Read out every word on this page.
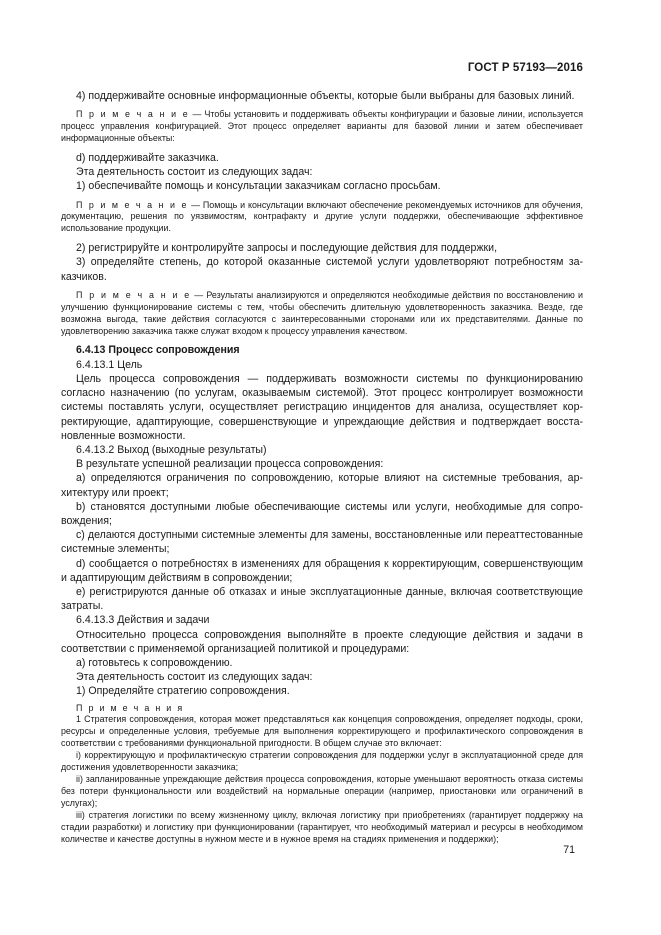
ГОСТ Р 57193—2016

4) поддерживайте основные информационные объекты, которые были выбраны для базовых линий.

П р и м е ч а н и е — Чтобы установить и поддерживать объекты конфигурации и базовые линии, используется процесс управления конфигурацией. Этот процесс определяет варианты для базовой линии и затем обеспечивает информационные объекты:

d) поддерживайте заказчика.

Эта деятельность состоит из следующих задач:

1) обеспечивайте помощь и консультации заказчикам согласно просьбам.

П р и м е ч а н и е — Помощь и консультации включают обеспечение рекомендуемых источников для обучения, документацию, решения по уязвимостям, контрафакту и другие услуги поддержки, обеспечивающие эффективное использование продукции.

2) регистрируйте и контролируйте запросы и последующие действия для поддержки,

3) определяйте степень, до которой оказанные системой услуги удовлетворяют потребностям заказчиков.

П р и м е ч а н и е — Результаты анализируются и определяются необходимые действия по восстановлению и улучшению функционирование системы с тем, чтобы обеспечить длительную удовлетворенность заказчика. Везде, где возможна выгода, такие действия согласуются с заинтересованными сторонами или их представителями. Данные по удовлетворению заказчика также служат входом к процессу управления качеством.

6.4.13 Процесс сопровождения

6.4.13.1 Цель

Цель процесса сопровождения — поддерживать возможности системы по функционированию согласно назначению (по услугам, оказываемым системой). Этот процесс контролирует возможности системы поставлять услуги, осуществляет регистрацию инцидентов для анализа, осуществляет корректирующие, адаптирующие, совершенствующие и упреждающие действия и подтверждает восстановленные возможности.

6.4.13.2 Выход (выходные результаты)

В результате успешной реализации процесса сопровождения:

а) определяются ограничения по сопровождению, которые влияют на системные требования, архитектуру или проект;

b) становятся доступными любые обеспечивающие системы или услуги, необходимые для сопровождения;

c) делаются доступными системные элементы для замены, восстановленные или переаттестованные системные элементы;

d) сообщается о потребностях в изменениях для обращения к корректирующим, совершенствующим и адаптирующим действиям в сопровождении;

e) регистрируются данные об отказах и иные эксплуатационные данные, включая соответствующие затраты.

6.4.13.3 Действия и задачи

Относительно процесса сопровождения выполняйте в проекте следующие действия и задачи в соответствии с применяемой организацией политикой и процедурами:

а) готовьтесь к сопровождению.

Эта деятельность состоит из следующих задач:

1) Определяйте стратегию сопровождения.

П р и м е ч а н и я

1 Стратегия сопровождения, которая может представляться как концепция сопровождения, определяет подходы, сроки, ресурсы и определенные условия, требуемые для выполнения корректирующего и профилактического сопровождения в соответствии с требованиями функциональной пригодности. В общем случае это включает:

i) корректирующую и профилактическую стратегии сопровождения для поддержки услуг в эксплуатационной среде для достижения удовлетворенности заказчика;

ii) запланированные упреждающие действия процесса сопровождения, которые уменьшают вероятность отказа системы без потери функциональности или воздействий на нормальные операции (например, приостановки или ограничений в услугах);

iii) стратегия логистики по всему жизненному циклу, включая логистику при приобретениях (гарантирует поддержку на стадии разработки) и логистику при функционировании (гарантирует, что необходимый материал и ресурсы в необходимом количестве и качестве доступны в нужном месте и в нужное время на стадиях применения и поддержки);

71
